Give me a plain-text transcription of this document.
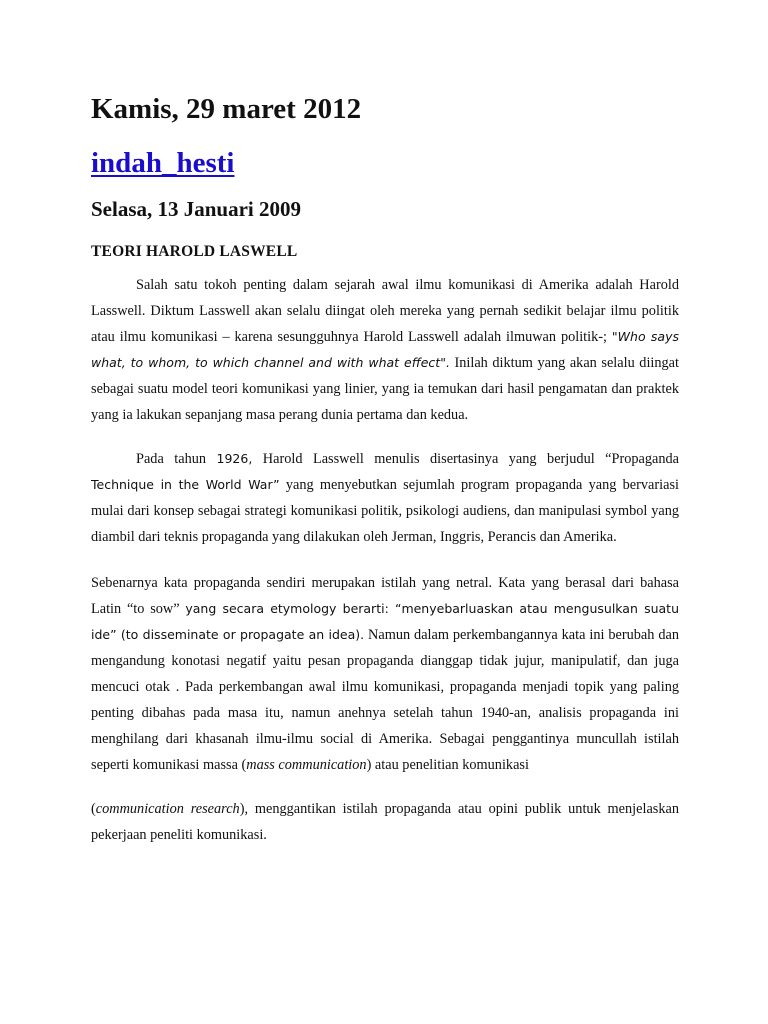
Kamis, 29 maret 2012
indah_hesti
Selasa, 13 Januari 2009
TEORI HAROLD LASWELL

Salah satu tokoh penting dalam sejarah awal ilmu komunikasi di Amerika adalah Harold Lasswell. Diktum Lasswell akan selalu diingat oleh mereka yang pernah sedikit belajar ilmu politik atau ilmu komunikasi – karena sesungguhnya Harold Lasswell adalah ilmuwan politik-; "Who says what, to whom, to which channel and with what effect". Inilah diktum yang akan selalu diingat sebagai suatu model teori komunikasi yang linier, yang ia temukan dari hasil pengamatan dan praktek yang ia lakukan sepanjang masa perang dunia pertama dan kedua.

Pada tahun 1926, Harold Lasswell menulis disertasinya yang berjudul “Propaganda Technique in the World War” yang menyebutkan sejumlah program propaganda yang bervariasi mulai dari konsep sebagai strategi komunikasi politik, psikologi audiens, dan manipulasi symbol yang diambil dari teknis propaganda yang dilakukan oleh Jerman, Inggris, Perancis dan Amerika.

Sebenarnya kata propaganda sendiri merupakan istilah yang netral. Kata yang berasal dari bahasa Latin “to sow” yang secara etymology berarti: “menyebarluaskan atau mengusulkan suatu ide” (to disseminate or propagate an idea). Namun dalam perkembangannya kata ini berubah dan mengandung konotasi negatif yaitu pesan propaganda dianggap tidak jujur, manipulatif, dan juga mencuci otak . Pada perkembangan awal ilmu komunikasi, propaganda menjadi topik yang paling penting dibahas pada masa itu, namun anehnya setelah tahun 1940-an, analisis propaganda ini menghilang dari khasanah ilmu-ilmu social di Amerika. Sebagai penggantinya muncullah istilah seperti komunikasi massa (mass communication) atau penelitian komunikasi

(communication research), menggantikan istilah propaganda atau opini publik untuk menjelaskan pekerjaan peneliti komunikasi.
